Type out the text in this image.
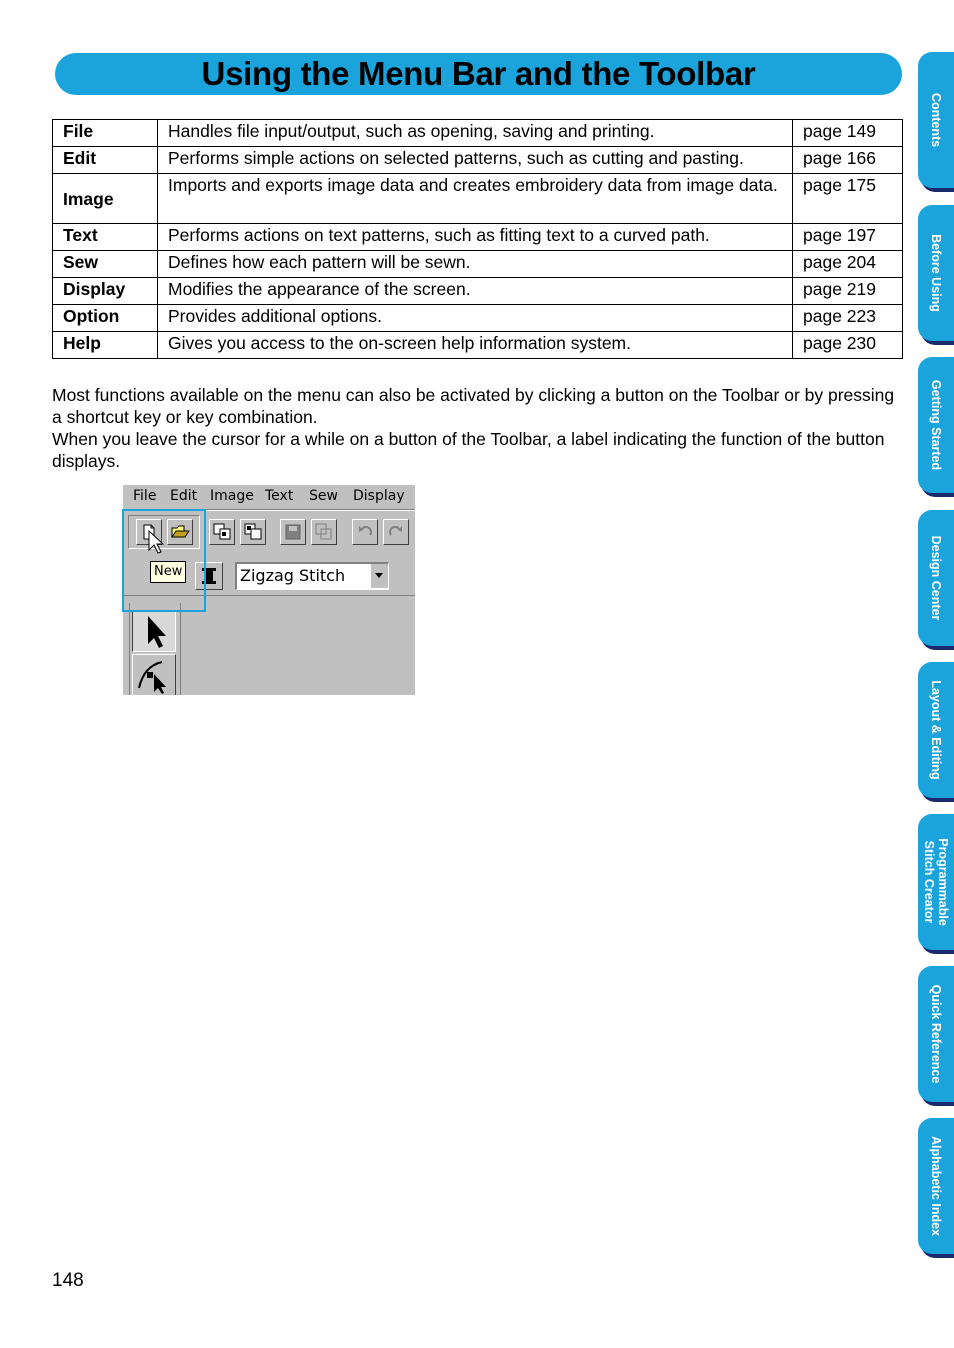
Using the Menu Bar and the Toolbar
File	Handles file input/output, such as opening, saving and printing.	page 149
Edit	Performs simple actions on selected patterns, such as cutting and pasting.	page 166
Image	Imports and exports image data and creates embroidery data from image data.	page 175
Text	Performs actions on text patterns, such as fitting text to a curved path.	page 197
Sew	Defines how each pattern will be sewn.	page 204
Display	Modifies the appearance of the screen.	page 219
Option	Provides additional options.	page 223
Help	Gives you access to the on-screen help information system.	page 230

Most functions available on the menu can also be activated by clicking a button on the Toolbar or by pressing a shortcut key or key combination.

When you leave the cursor for a while on a button of the Toolbar, a label indicating the function of the button displays.

File Edit Image Text Sew Display
Zigzag Stitch
New
Contents
Before Using
Getting Started
Design Center
Layout & Editing
Programmable Stitch Creator
Quick Reference
Alphabetic Index
148
